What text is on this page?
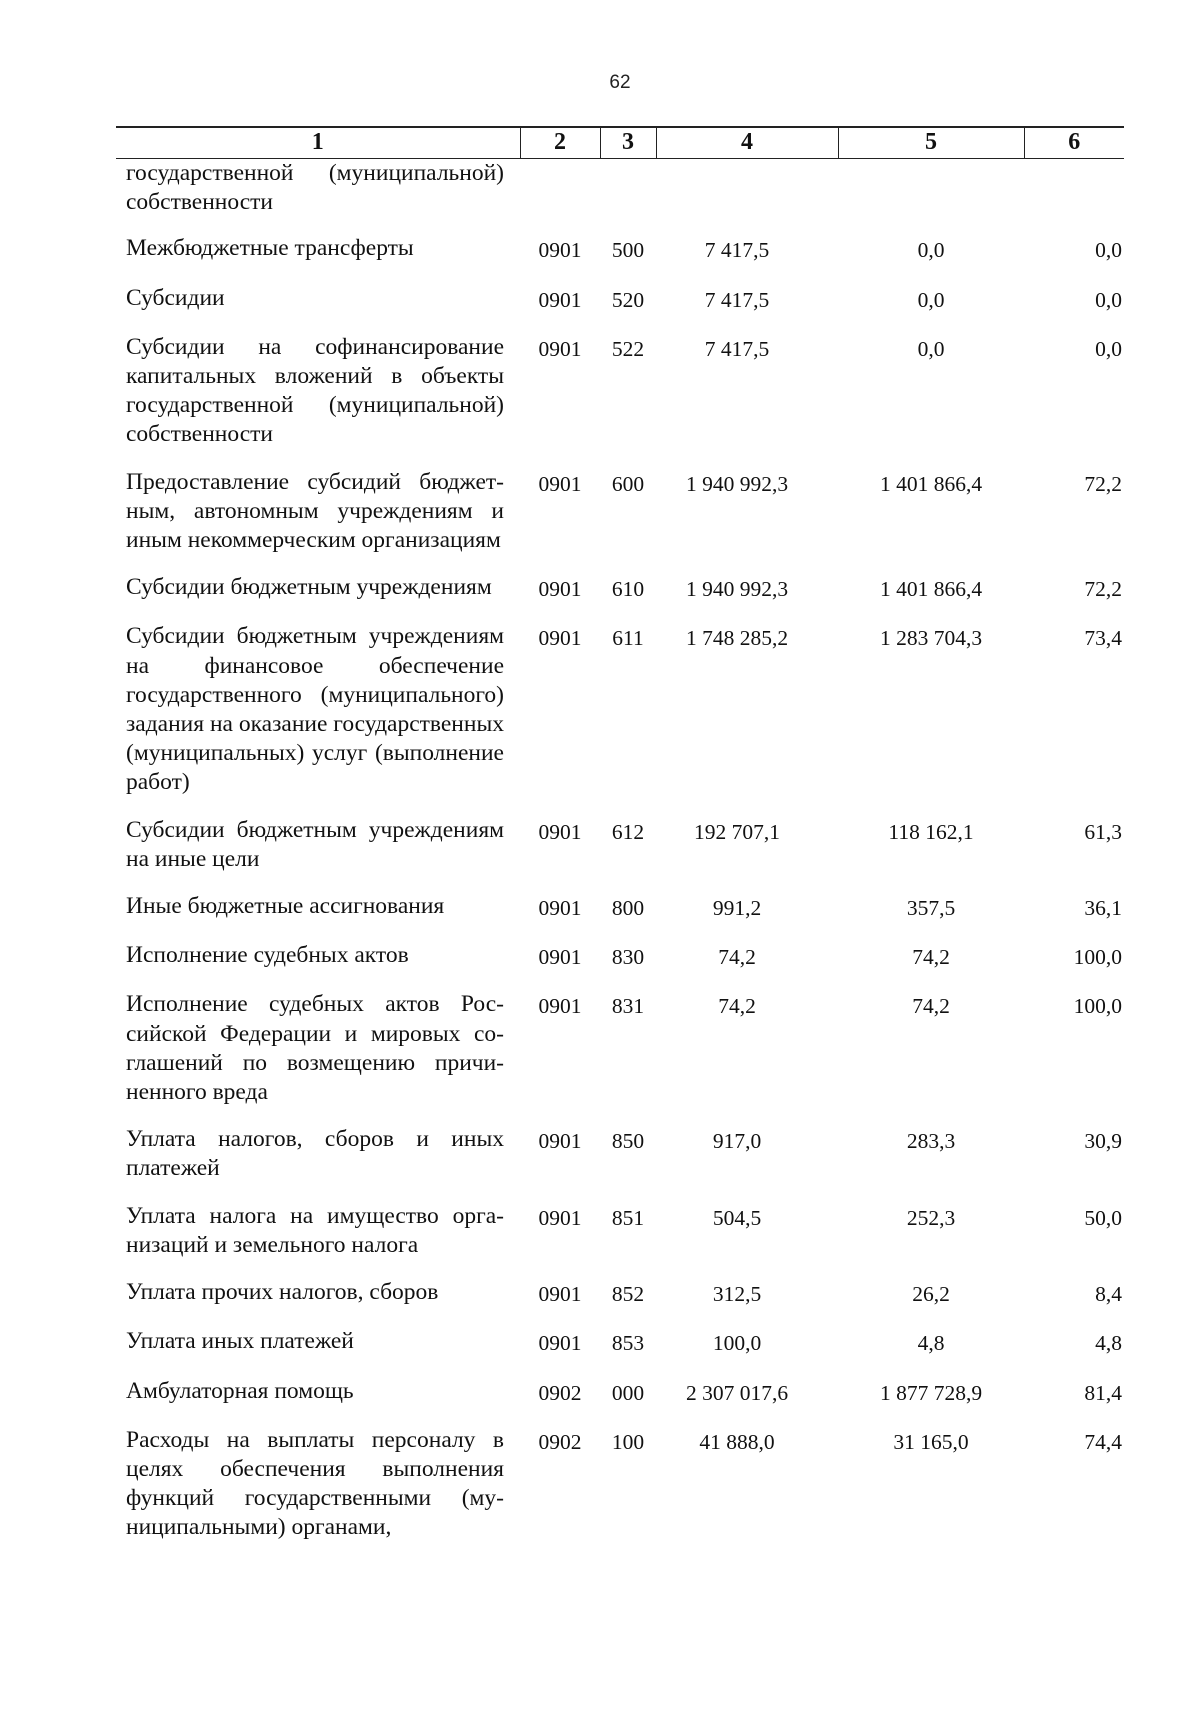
62
1	2	3	4	5	6
государственной (муниципальной) собственности					
Межбюджетные трансферты	0901	500	7 417,5	0,0	0,0
Субсидии	0901	520	7 417,5	0,0	0,0
Субсидии на софинансирование капитальных вложений в объекты государственной (муниципальной) собственности	0901	522	7 417,5	0,0	0,0
Предоставление субсидий бюджетным, автономным учреждениям и иным некоммерческим организациям	0901	600	1 940 992,3	1 401 866,4	72,2
Субсидии бюджетным учреждениям	0901	610	1 940 992,3	1 401 866,4	72,2
Субсидии бюджетным учреждениям на финансовое обеспечение государственного (муниципального) задания на оказание государственных (муниципальных) услуг (выполнение работ)	0901	611	1 748 285,2	1 283 704,3	73,4
Субсидии бюджетным учреждениям на иные цели	0901	612	192 707,1	118 162,1	61,3
Иные бюджетные ассигнования	0901	800	991,2	357,5	36,1
Исполнение судебных актов	0901	830	74,2	74,2	100,0
Исполнение судебных актов Российской Федерации и мировых соглашений по возмещению причиненного вреда	0901	831	74,2	74,2	100,0
Уплата налогов, сборов и иных платежей	0901	850	917,0	283,3	30,9
Уплата налога на имущество организаций и земельного налога	0901	851	504,5	252,3	50,0
Уплата прочих налогов, сборов	0901	852	312,5	26,2	8,4
Уплата иных платежей	0901	853	100,0	4,8	4,8
Амбулаторная помощь	0902	000	2 307 017,6	1 877 728,9	81,4
Расходы на выплаты персоналу в целях обеспечения выполнения функций государственными (муниципальными) органами,	0902	100	41 888,0	31 165,0	74,4
